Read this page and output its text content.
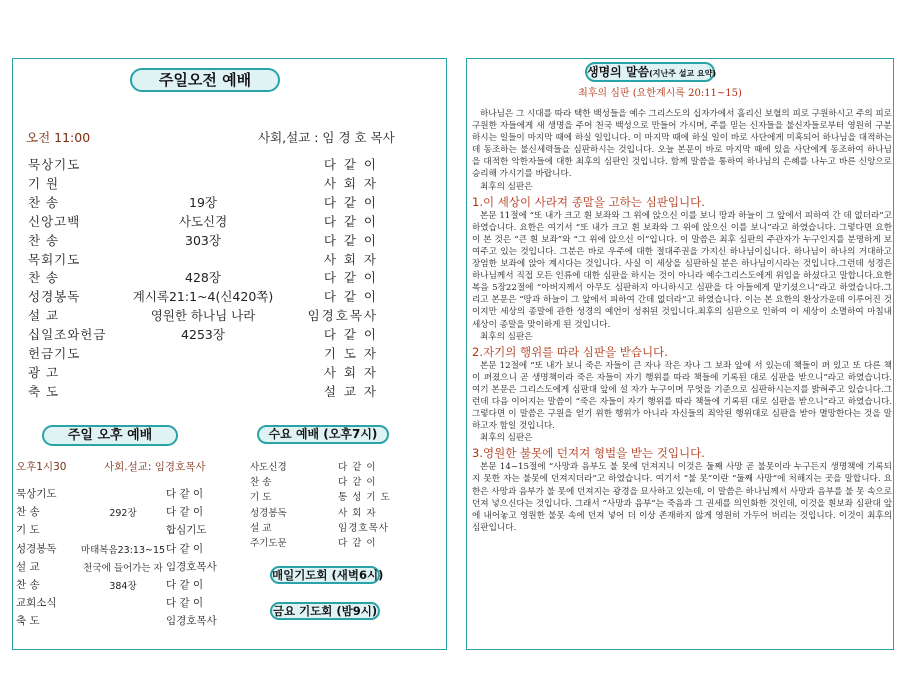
주일오전 예배
오전 11:00	사회,설교 : 임 경 호 목사
묵상기도	다 같 이
기 원	사 회 자
찬 송	19장	다 같 이
신앙고백	사도신경	다 같 이
찬 송	303장	다 같 이
목회기도	사 회 자
찬 송	428장	다 같 이
성경봉독	계시록21:1~4(신420쪽)	다 같 이
설 교	영원한 하나님 나라	임경호목사
십일조와헌금	4253장	다 같 이
헌금기도	기 도 자
광 고	사 회 자
축 도	설 교 자
주일 오후 예배
오후1시30	사회.설교: 임경호목사
묵상기도	다 같 이
찬 송	292장	다 같 이
기 도	합심기도
성경봉독	마태복음23:13~15 다 같 이
설 교	천국에 들어가는 자 임경호목사
찬 송	384장	다 같 이
교회소식	다 같 이
축 도	임경호목사
수요 예배 (오후7시)
사도신경	다 같 이
찬 송	다 같 이
기 도	통 성 기 도
성경봉독	사 회 자
설 교	임경호목사
주기도문	다 같 이
매일기도회 (새벽6시)
금요 기도회 (밤9시)
생명의 말씀(지난주 설교 요약)
최후의 심판 (요한계시록 20:11~15)

하나님은 그 시대를 따라 택한 백성들을 예수 그리스도의 십자가에서 흘리신 보혈의 피로 구원하시고 주의 피로 구원한 자들에게 새 생명을 주어 천국 백성으로 만들어 가시며, 주를 믿는 신자들을 불신자들로부터 영원히 구분하시는 일들이 마지막 때에 하실 일입니다. 이 마지막 때에 하실 일이 바로 사단에게 미혹되어 하나님을 대적하는데 동조하는 불신세력들을 심판하시는 것입니다. 오늘 본문이 바로 마지막 때에 있을 사단에게 동조하여 하나님을 대적한 악한자들에 대한 최후의 심판인 것입니다. 함께 말씀을 통하여 하나님의 은혜를 나누고 바른 신앙으로 승리해 가시기를 바랍니다.

최후의 심판은

1.이 세상이 사라져 종말을 고하는 심판입니다.

본문 11절에 “또 내가 크고 흰 보좌와 그 위에 앉으신 이를 보니 땅과 하늘이 그 앞에서 피하여 간 데 없더라”고 하였습니다. 요한은 여기서 “또 내가 크고 흰 보좌와 그 위에 앉으신 이를 보니”라고 하였습니다. 그렇다면 요한이 본 것은 “큰 흰 보좌”와 “그 위에 앉으신 이”입니다. 이 말씀은 최후 심판의 주관자가 누구인지를 분명하게 보여주고 있는 것입니다. 그분은 바로 우주에 대한 절대주권을 가지신 하나님이십니다. 하나님이 하나의 거대하고 장엄한 보좌에 앉아 계시다는 것입니다. 사실 이 세상을 심판하실 분은 하나님이시라는 것입니다.그런데 성경은 하나님께서 직접 모든 인류에 대한 심판을 하시는 것이 아니라 예수그리스도에게 위임을 하셨다고 말합니다.요한복음 5장22절에 “아버지께서 아무도 심판하지 아니하시고 심판을 다 아들에게 맡기셨으니”라고 하였습니다.그리고 본문은 “땅과 하늘이 그 앞에서 피하여 간데 없더라”고 하였습니다. 이는 본 요한의 환상가운데 이루어진 것이지만 세상의 종말에 관한 성경의 예언이 성취된 것입니다.최후의 심판으로 인하여 이 세상이 소멸하여 마침내 세상이 종말을 맞이하게 된 것입니다.

최후의 심판은

2.자기의 행위를 따라 심판을 받습니다.

본문 12절에 “또 내가 보니 죽은 자들이 큰 자나 작은 자나 그 보좌 앞에 서 있는데 책들이 펴 있고 또 다른 책이 펴졌으니 곧 생명책이라 죽은 자들이 자기 행위를 따라 책들에 기록된 대로 심판을 받으니”라고 하였습니다. 여기 본문은 그리스도에게 심판대 앞에 설 자가 누구이며 무엇을 기준으로 심판하시는지를 밝혀주고 있습니다.그런데 다음 이어지는 말씀이 “죽은 자들이 자기 행위를 따라 책들에 기록된 대로 심판을 받으니”라고 하였습니다.그렇다면 이 말씀은 구원을 얻기 위한 행위가 아니라 자신들의 죄악된 행위대로 심판을 받아 멸망한다는 것을 말하고자 함일 것입니다.

최후의 심판은

3.영원한 불못에 던져져 형벌을 받는 것입니다.

본문 14~15절에 “사망과 음부도 불 못에 던져지니 이것은 둘째 사망 곧 불못이라 누구든지 생명책에 기록되지 못한 자는 불못에 던져지더라”고 하였습니다. 여기서 “불 못”이란 “둘째 사망”에 처해지는 곳을 말합니다. 요한은 사망과 음부가 불 못에 던져지는 광경을 묘사하고 있는데, 이 말씀은 하나님께서 사망과 음부를 불 못 속으로 던져 넣으신다는 것입니다. 그래서 “사망과 음부”는 죽음과 그 권세를 의인화한 것인데, 이것을 흰보좌 심판대 앞에 내어놓고 영원한 불못 속에 던져 넣어 더 이상 존재하지 않게 영원히 가두어 버리는 것입니다. 이것이 최후의 심판입니다.
